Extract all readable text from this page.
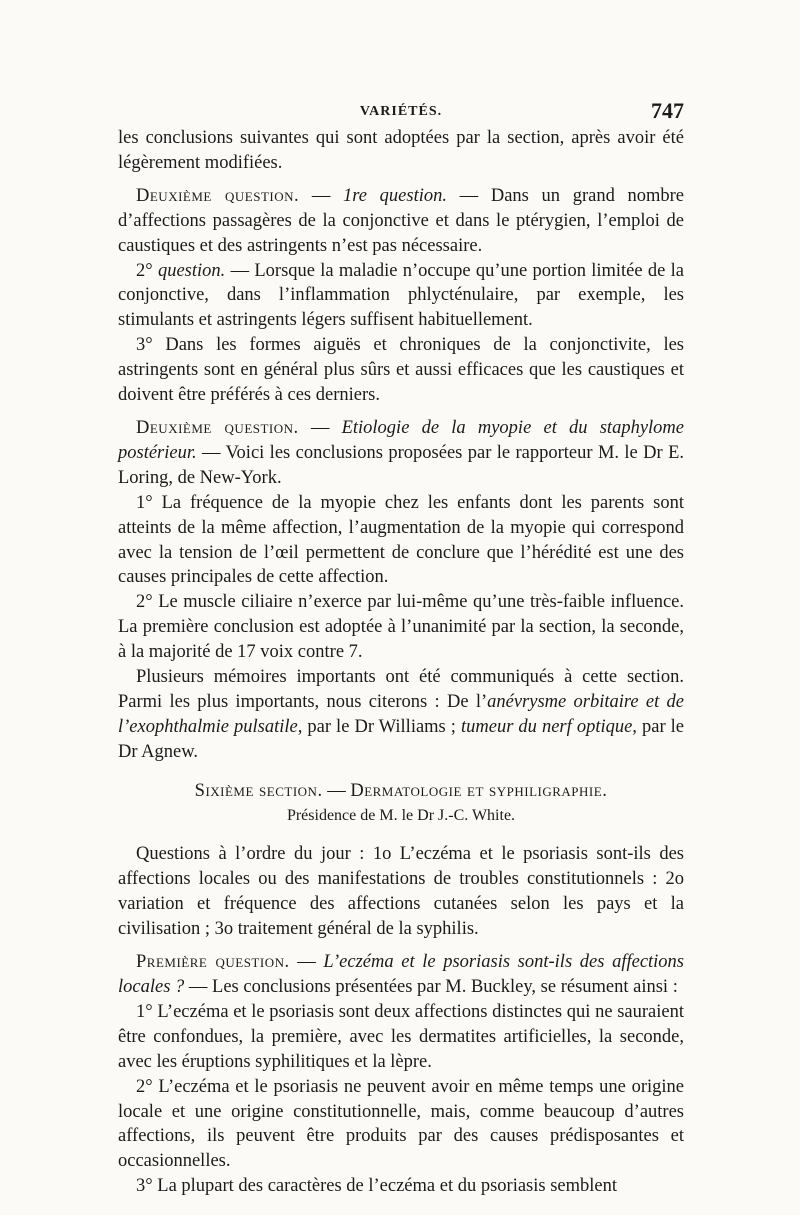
VARIÉTÉS.	747

les conclusions suivantes qui sont adoptées par la section, après avoir été légèrement modifiées.

Deuxième question. — 1re question. — Dans un grand nombre d’affections passagères de la conjonctive et dans le ptérygien, l’emploi de caustiques et des astringents n’est pas nécessaire.

2° question. — Lorsque la maladie n’occupe qu’une portion limitée de la conjonctive, dans l’inflammation phlycténulaire, par exemple, les stimulants et astringents légers suffisent habituellement.

3° Dans les formes aiguës et chroniques de la conjonctivite, les astringents sont en général plus sûrs et aussi efficaces que les caustiques et doivent être préférés à ces derniers.

Deuxième question. — Etiologie de la myopie et du staphylome postérieur. — Voici les conclusions proposées par le rapporteur M. le Dr E. Loring, de New-York.

1° La fréquence de la myopie chez les enfants dont les parents sont atteints de la même affection, l’augmentation de la myopie qui correspond avec la tension de l’œil permettent de conclure que l’hérédité est une des causes principales de cette affection.

2° Le muscle ciliaire n’exerce par lui-même qu’une très-faible influence. La première conclusion est adoptée à l’unanimité par la section, la seconde, à la majorité de 17 voix contre 7.

Plusieurs mémoires importants ont été communiqués à cette section. Parmi les plus importants, nous citerons : De l’anévrysme orbitaire et de l’exophthalmie pulsatile, par le Dr Williams ; tumeur du nerf optique, par le Dr Agnew.

Sixième section. — Dermatologie et syphiligraphie.

Présidence de M. le Dr J.-C. White.

Questions à l’ordre du jour : 1o L’eczéma et le psoriasis sont-ils des affections locales ou des manifestations de troubles constitutionnels : 2o variation et fréquence des affections cutanées selon les pays et la civilisation ; 3o traitement général de la syphilis.

Première question. — L’eczéma et le psoriasis sont-ils des affections locales ? — Les conclusions présentées par M. Buckley, se résument ainsi :

1° L’eczéma et le psoriasis sont deux affections distinctes qui ne sauraient être confondues, la première, avec les dermatites artificielles, la seconde, avec les éruptions syphilitiques et la lèpre.

2° L’eczéma et le psoriasis ne peuvent avoir en même temps une origine locale et une origine constitutionnelle, mais, comme beaucoup d’autres affections, ils peuvent être produits par des causes prédisposantes et occasionnelles.

3° La plupart des caractères de l’eczéma et du psoriasis semblent
